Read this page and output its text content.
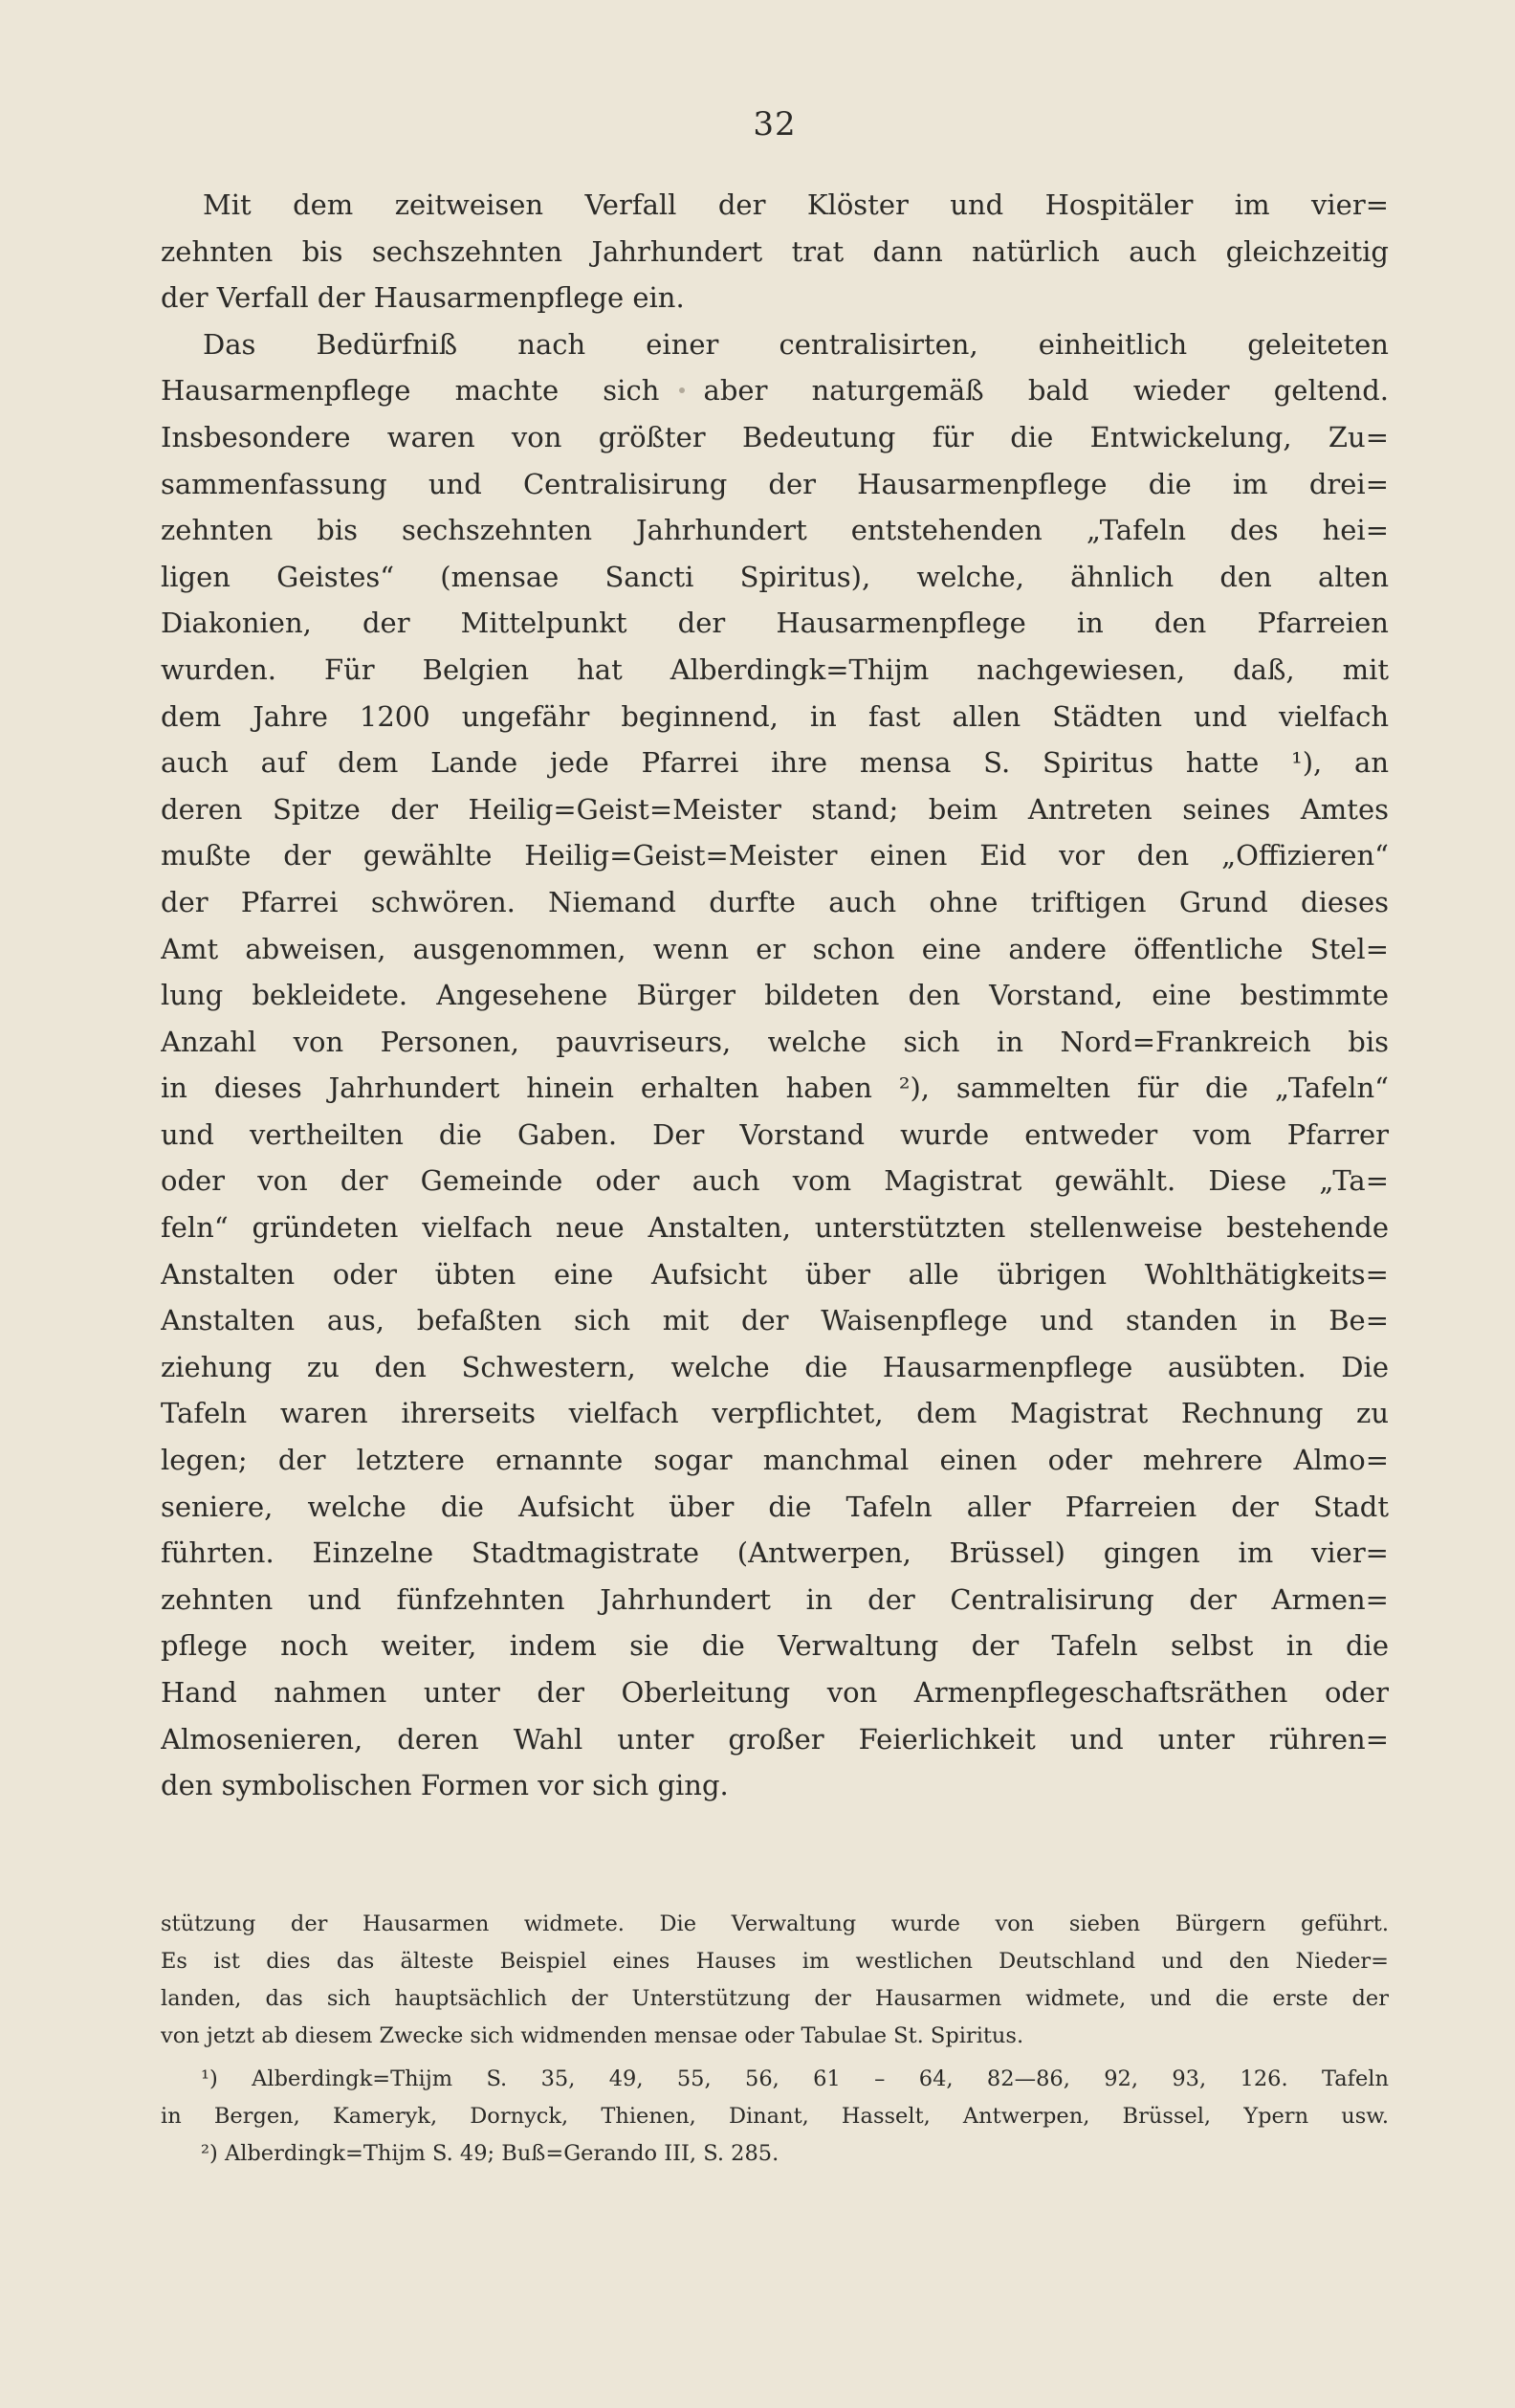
32
Mit dem zeitweisen Verfall der Klöster und Hospitäler im vier=
zehnten bis sechszehnten Jahrhundert trat dann natürlich auch gleichzeitig
der Verfall der Hausarmenpflege ein.
Das Bedürfniß nach einer centralisirten, einheitlich geleiteten
Hausarmenpflege machte sich aber naturgemäß bald wieder geltend.
Insbesondere waren von größter Bedeutung für die Entwickelung, Zu=
sammenfassung und Centralisirung der Hausarmenpflege die im drei=
zehnten bis sechszehnten Jahrhundert entstehenden „Tafeln des hei=
ligen Geistes“ (mensae Sancti Spiritus), welche, ähnlich den alten
Diakonien, der Mittelpunkt der Hausarmenpflege in den Pfarreien
wurden. Für Belgien hat Alberdingk=Thijm nachgewiesen, daß, mit
dem Jahre 1200 ungefähr beginnend, in fast allen Städten und vielfach
auch auf dem Lande jede Pfarrei ihre mensa S. Spiritus hatte ¹), an
deren Spitze der Heilig=Geist=Meister stand; beim Antreten seines Amtes
mußte der gewählte Heilig=Geist=Meister einen Eid vor den „Offizieren“
der Pfarrei schwören. Niemand durfte auch ohne triftigen Grund dieses
Amt abweisen, ausgenommen, wenn er schon eine andere öffentliche Stel=
lung bekleidete. Angesehene Bürger bildeten den Vorstand, eine bestimmte
Anzahl von Personen, pauvriseurs, welche sich in Nord=Frankreich bis
in dieses Jahrhundert hinein erhalten haben ²), sammelten für die „Tafeln“
und vertheilten die Gaben. Der Vorstand wurde entweder vom Pfarrer
oder von der Gemeinde oder auch vom Magistrat gewählt. Diese „Ta=
feln“ gründeten vielfach neue Anstalten, unterstützten stellenweise bestehende
Anstalten oder übten eine Aufsicht über alle übrigen Wohlthätigkeits=
Anstalten aus, befaßten sich mit der Waisenpflege und standen in Be=
ziehung zu den Schwestern, welche die Hausarmenpflege ausübten. Die
Tafeln waren ihrerseits vielfach verpflichtet, dem Magistrat Rechnung zu
legen; der letztere ernannte sogar manchmal einen oder mehrere Almo=
seniere, welche die Aufsicht über die Tafeln aller Pfarreien der Stadt
führten. Einzelne Stadtmagistrate (Antwerpen, Brüssel) gingen im vier=
zehnten und fünfzehnten Jahrhundert in der Centralisirung der Armen=
pflege noch weiter, indem sie die Verwaltung der Tafeln selbst in die
Hand nahmen unter der Oberleitung von Armenpflegeschaftsräthen oder
Almosenieren, deren Wahl unter großer Feierlichkeit und unter rühren=
den symbolischen Formen vor sich ging.
stützung der Hausarmen widmete. Die Verwaltung wurde von sieben Bürgern geführt.
Es ist dies das älteste Beispiel eines Hauses im westlichen Deutschland und den Nieder=
landen, das sich hauptsächlich der Unterstützung der Hausarmen widmete, und die erste der
von jetzt ab diesem Zwecke sich widmenden mensae oder Tabulae St. Spiritus.
¹) Alberdingk=Thijm S. 35, 49, 55, 56, 61 – 64, 82—86, 92, 93, 126. Tafeln
in Bergen, Kameryk, Dornyck, Thienen, Dinant, Hasselt, Antwerpen, Brüssel, Ypern usw.
²) Alberdingk=Thijm S. 49; Buß=Gerando III, S. 285.
